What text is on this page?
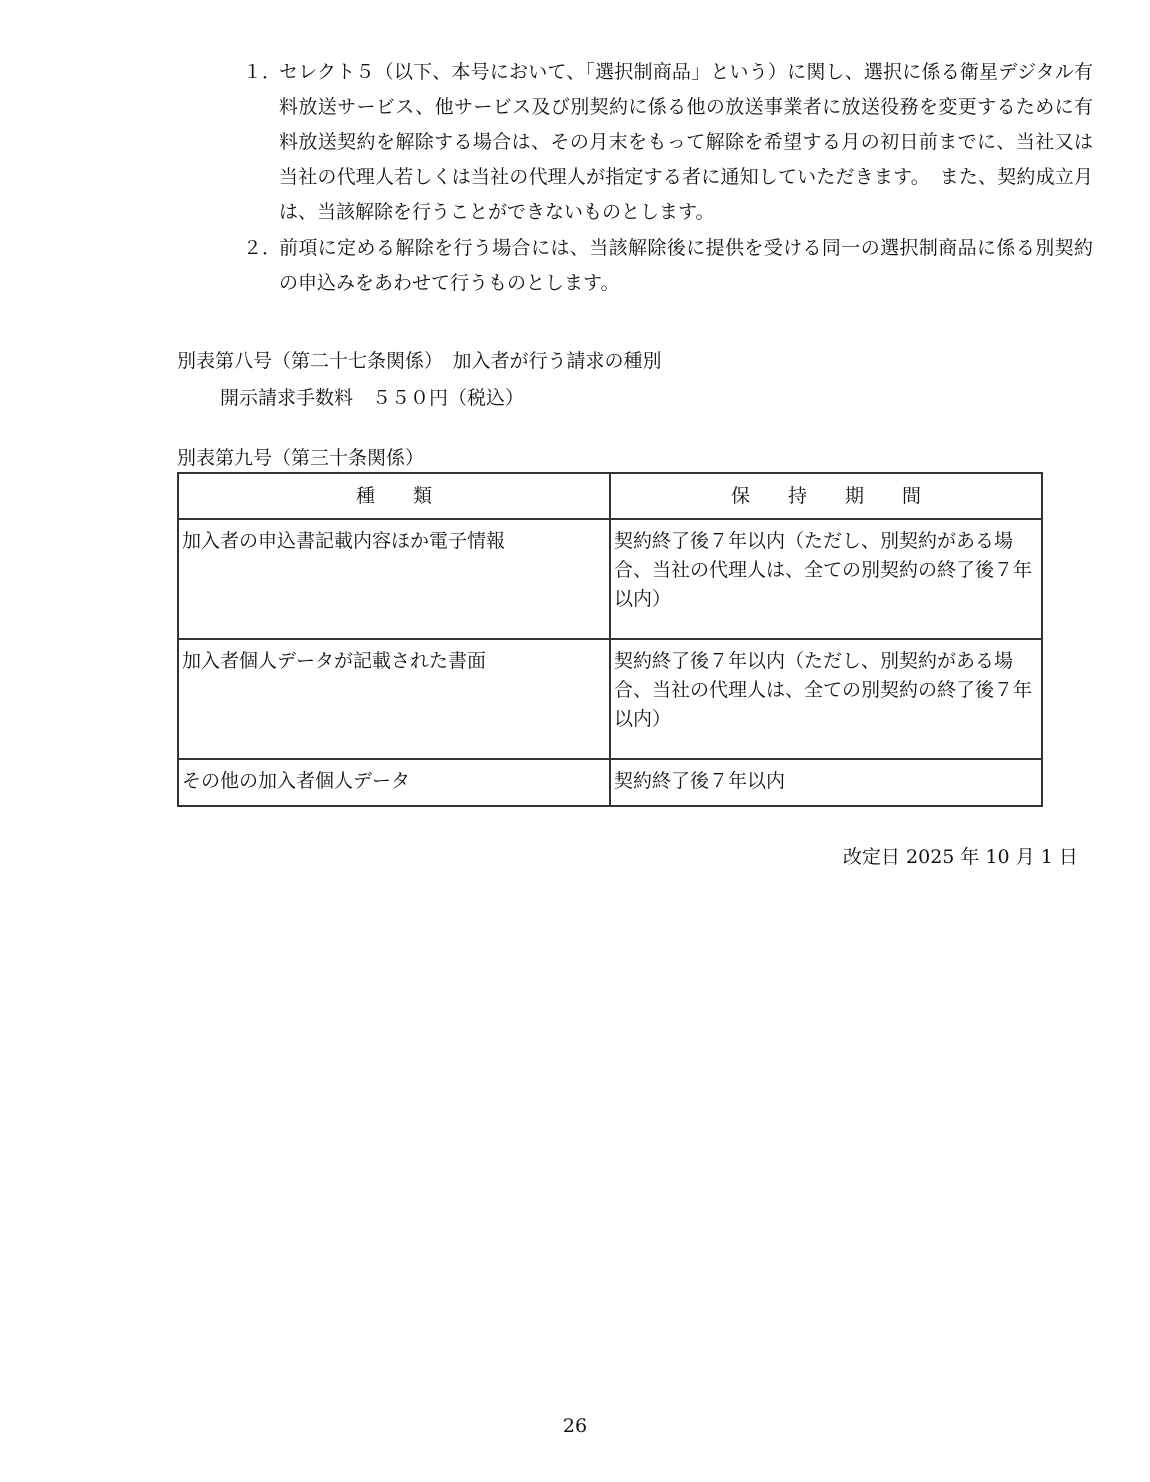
１．
セレクト５（以下、本号において、「選択制商品」という）に関し、選択に係る衛星デジタル有料放送サービス、他サービス及び別契約に係る他の放送事業者に放送役務を変更するために有料放送契約を解除する場合は、その月末をもって解除を希望する月の初日前までに、当社又は当社の代理人若しくは当社の代理人が指定する者に通知していただきます。　また、契約成立月は、当該解除を行うことができないものとします。
２．
前項に定める解除を行う場合には、当該解除後に提供を受ける同一の選択制商品に係る別契約の申込みをあわせて行うものとします。
別表第八号（第二十七条関係）　加入者が行う請求の種別
開示請求手数料　５５０円（税込）
別表第九号（第三十条関係）
種　　類	保　　持　　期　　間
加入者の申込書記載内容ほか電子情報	契約終了後７年以内（ただし、別契約がある場合、当社の代理人は、全ての別契約の終了後７年以内）
加入者個人データが記載された書面	契約終了後７年以内（ただし、別契約がある場合、当社の代理人は、全ての別契約の終了後７年以内）
その他の加入者個人データ	契約終了後７年以内
改定日 2025 年 10 月 1 日
26
